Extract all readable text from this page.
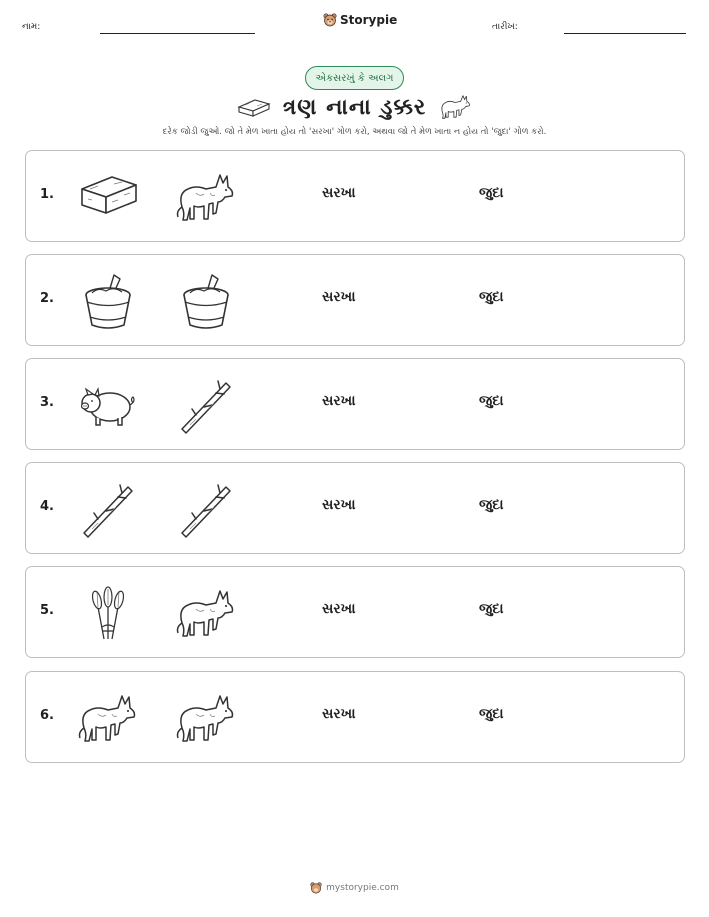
નામ:	Storypie	તારીખ:
એકસરખું કે અલગ
ત્રણ નાના ડુક્કર
દરેક જોડી જુઓ. જો તે મેળ ખાતા હોય તો 'સરખા' ગોળ કરો, અથવા જો તે મેળ ખાતા ન હોય તો 'જુદા' ગોળ કરો.
1.	સરખા	જુદા
2.	સરખા	જુદા
3.	સરખા	જુદા
4.	સરખા	જુદા
5.	સરખા	જુદા
6.	સરખા	જુદા
mystorypie.com
